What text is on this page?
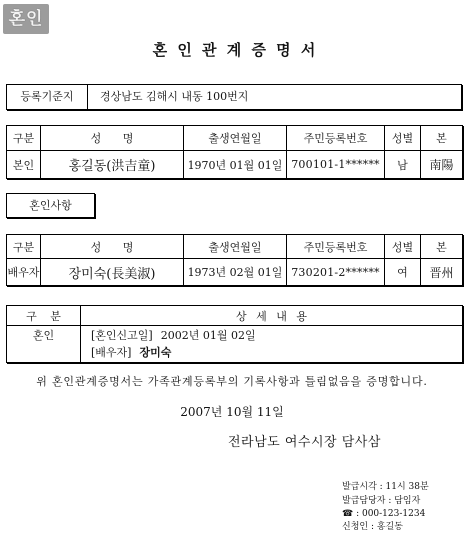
혼인
혼 인 관 계 증 명 서
등록기준지	경상남도 김해시 내동 100번지
구분	성 명	출생연월일	주민등록번호	성별	본
본인	홍길동(洪吉童)	1970년 01월 01일	700101-1******	남	南陽
혼인사항
구분	성 명	출생연월일	주민등록번호	성별	본
배우자	장미숙(長美淑)	1973년 02월 01일	730201-2******	여	晋州
구 분	상 세 내 용
혼인	[혼인신고일] 2002년 01월 02일
[배우자] 장미숙
위 혼인관계증명서는 가족관계등록부의 기록사항과 틀림없음을 증명합니다.
2007년 10월 11일
전라남도 여수시장 담사삼
발급시각 : 11시 38분
발급담당자 : 담임자
☎ : 000-123-1234
신청인 : 홍길동
